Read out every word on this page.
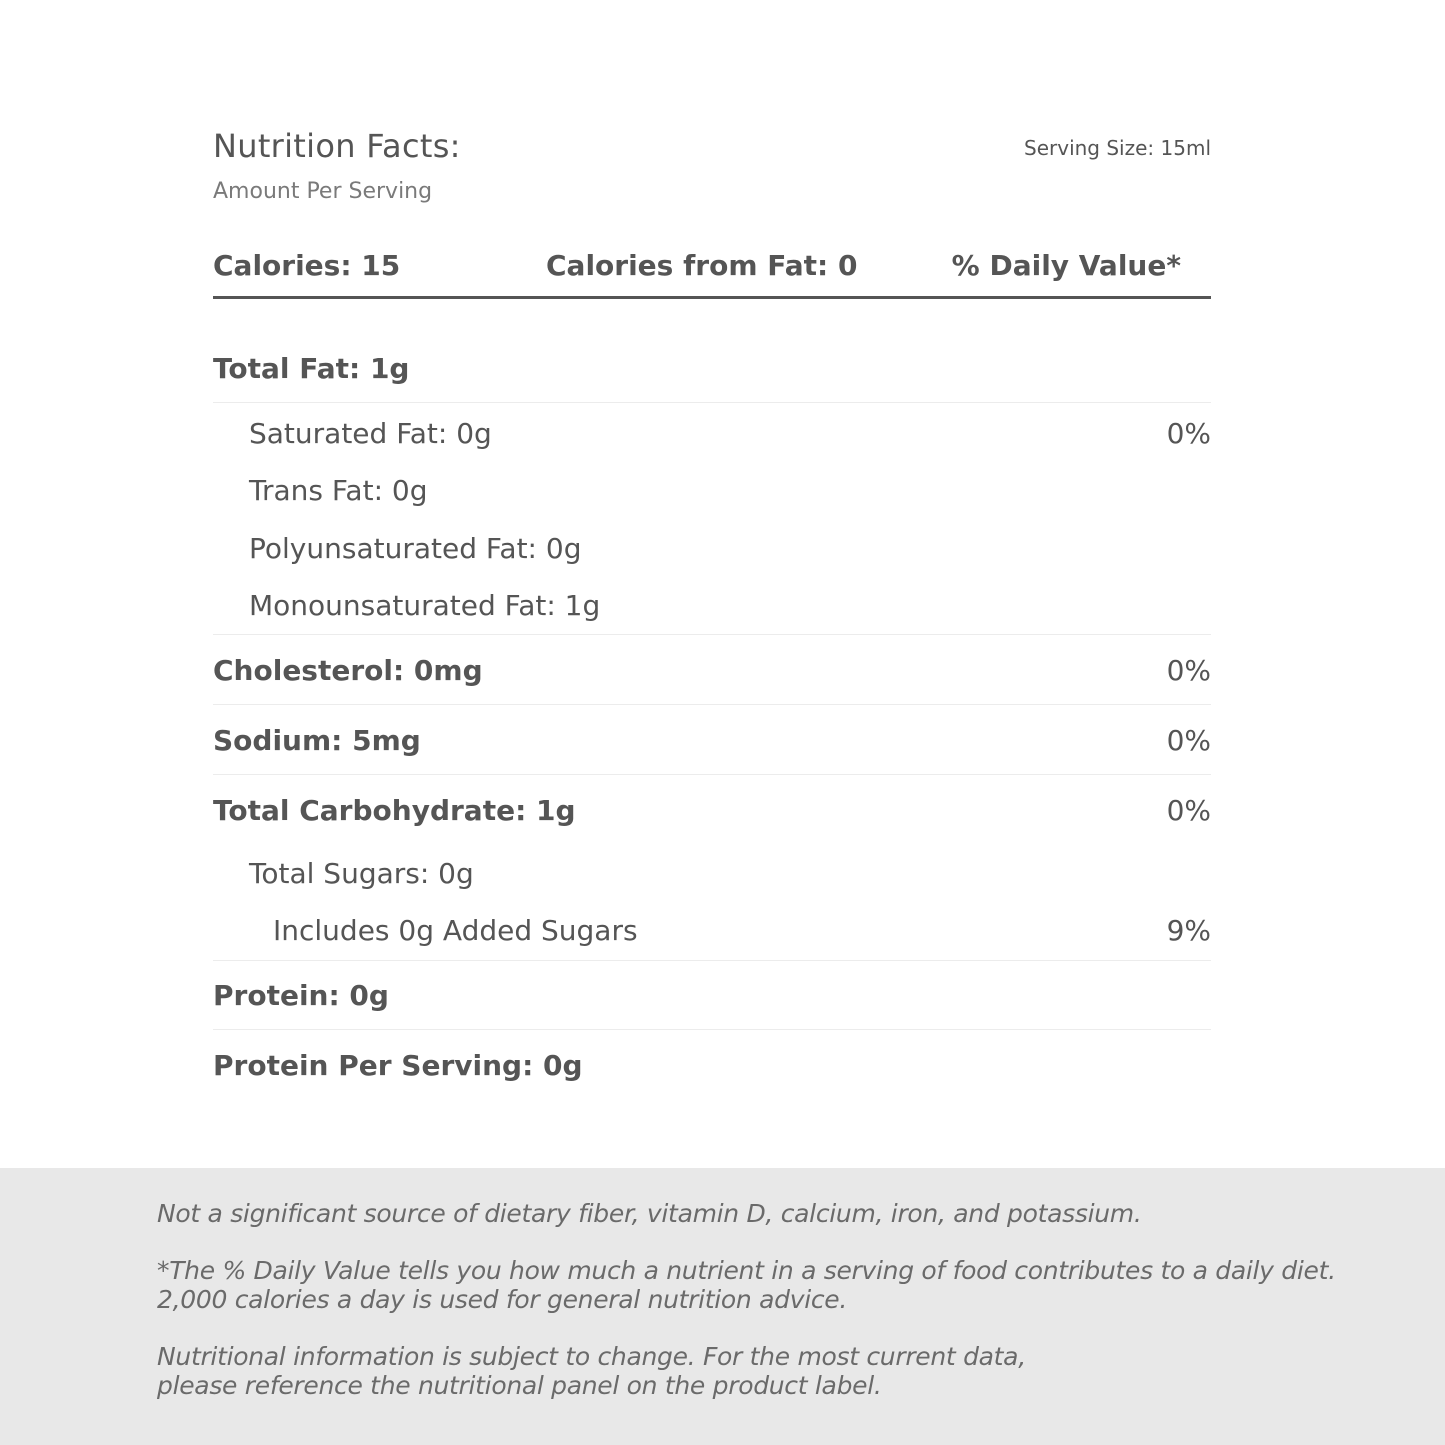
Nutrition Facts:	Serving Size: 15ml
Amount Per Serving
Calories: 15	Calories from Fat: 0	% Daily Value*
Total Fat: 1g
Saturated Fat: 0g	0%
Trans Fat: 0g
Polyunsaturated Fat: 0g
Monounsaturated Fat: 1g
Cholesterol: 0mg	0%
Sodium: 5mg	0%
Total Carbohydrate: 1g	0%
Total Sugars: 0g
Includes 0g Added Sugars	9%
Protein: 0g
Protein Per Serving: 0g
Not a significant source of dietary fiber, vitamin D, calcium, iron, and potassium.
*The % Daily Value tells you how much a nutrient in a serving of food contributes to a daily diet.
2,000 calories a day is used for general nutrition advice.
Nutritional information is subject to change. For the most current data,
please reference the nutritional panel on the product label.
